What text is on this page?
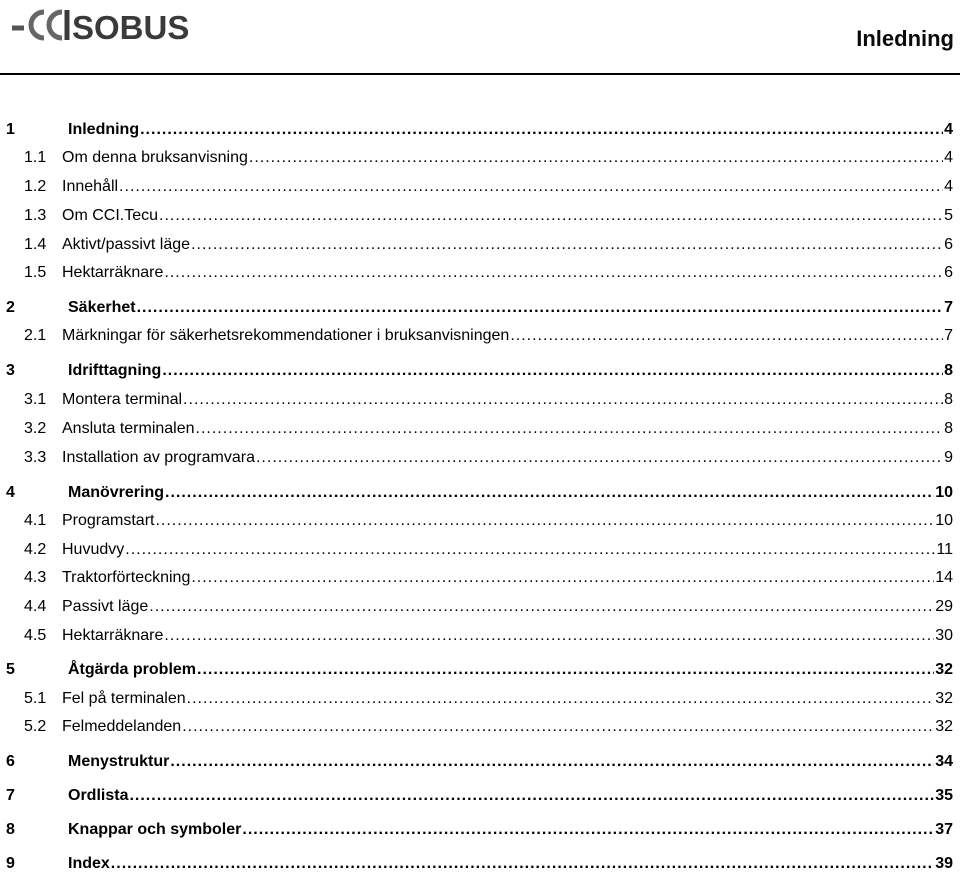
SOBUS	Inledning
1	Inledning .....	4
1.1 Om denna bruksanvisning .....	4
1.2 Innehåll .....	4
1.3 Om CCI.Tecu .....	5
1.4 Aktivt/passivt läge .....	6
1.5 Hektarräknare .....	6
2	Säkerhet .....	7
2.1 Märkningar för säkerhetsrekommendationer i bruksanvisningen .....	7
3	Idrifttagning .....	8
3.1 Montera terminal .....	8
3.2 Ansluta terminalen .....	8
3.3 Installation av programvara .....	9
4	Manövrering .....	10
4.1 Programstart .....	10
4.2 Huvudvy .....	11
4.3 Traktorförteckning .....	14
4.4 Passivt läge .....	29
4.5 Hektarräknare .....	30
5	Åtgärda problem .....	32
5.1 Fel på terminalen .....	32
5.2 Felmeddelanden .....	32
6	Menystruktur .....	34
7	Ordlista .....	35
8	Knappar och symboler .....	37
9	Index .....	39
